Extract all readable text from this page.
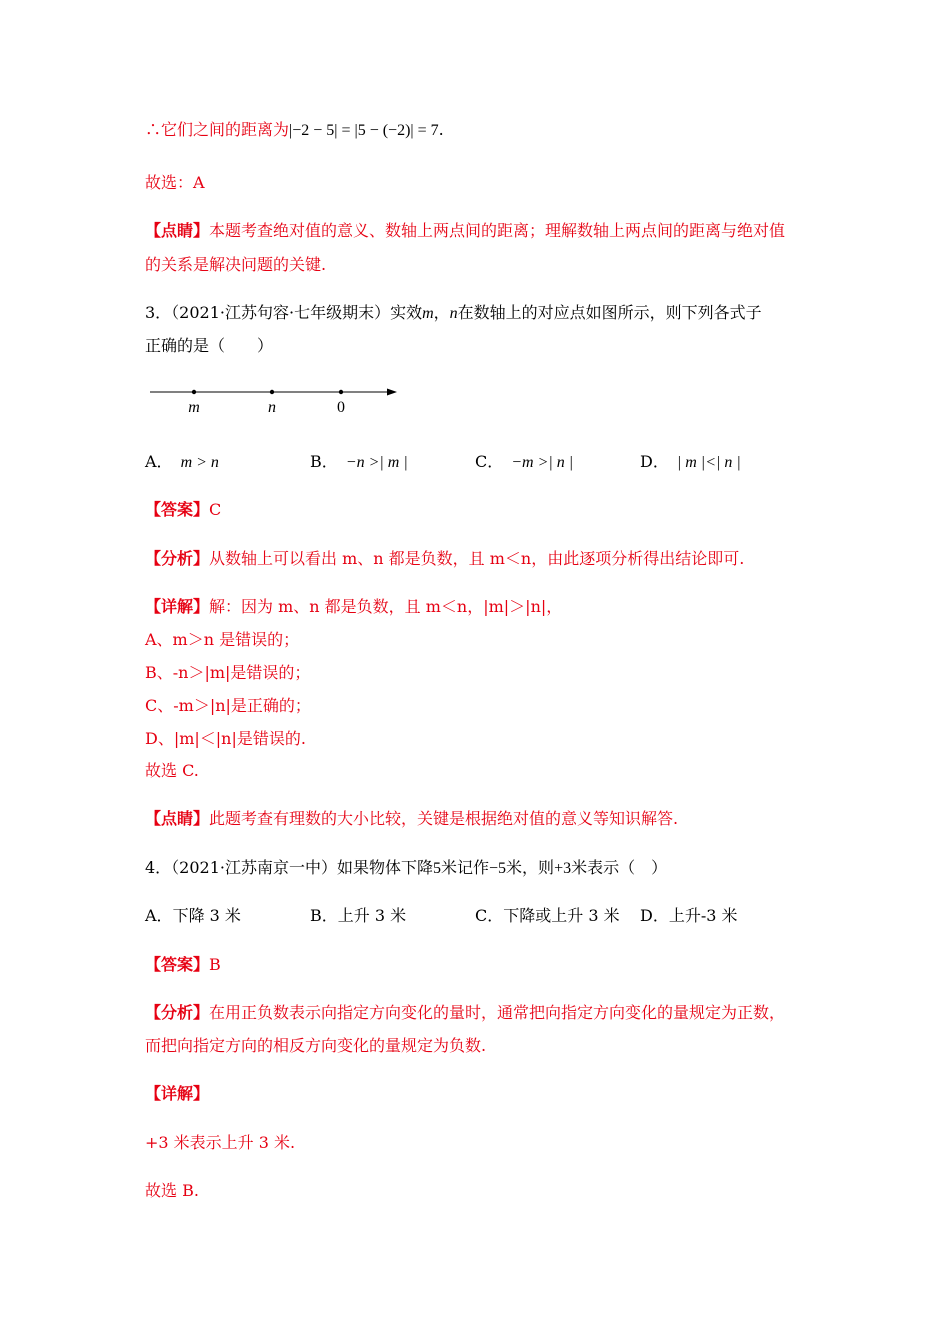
∴它们之间的距离为|−2 − 5| = |5 − (−2)| = 7.
故选：A
【点睛】本题考查绝对值的意义、数轴上两点间的距离；理解数轴上两点间的距离与绝对值
的关系是解决问题的关键.
3．（2021·江苏句容·七年级期末）实效m，n在数轴上的对应点如图所示，则下列各式子
正确的是（　　）
m	n	0
A． m > n	B． −n >| m |	C． −m >| n |	D． | m |<| n |
【答案】C
【分析】从数轴上可以看出 m、n 都是负数，且 m＜n，由此逐项分析得出结论即可.
【详解】解：因为 m、n 都是负数，且 m＜n，|m|＞|n|，
A、m＞n 是错误的；
B、-n＞|m|是错误的；
C、-m＞|n|是正确的；
D、|m|＜|n|是错误的.
故选 C.
【点睛】此题考查有理数的大小比较，关键是根据绝对值的意义等知识解答.
4．（2021·江苏南京一中）如果物体下降5米记作−5米，则+3米表示（　）
A．下降 3 米	B．上升 3 米	C．下降或上升 3 米 D．上升-3 米
【答案】B
【分析】在用正负数表示向指定方向变化的量时，通常把向指定方向变化的量规定为正数，
而把向指定方向的相反方向变化的量规定为负数.
【详解】
+3 米表示上升 3 米.
故选 B.
